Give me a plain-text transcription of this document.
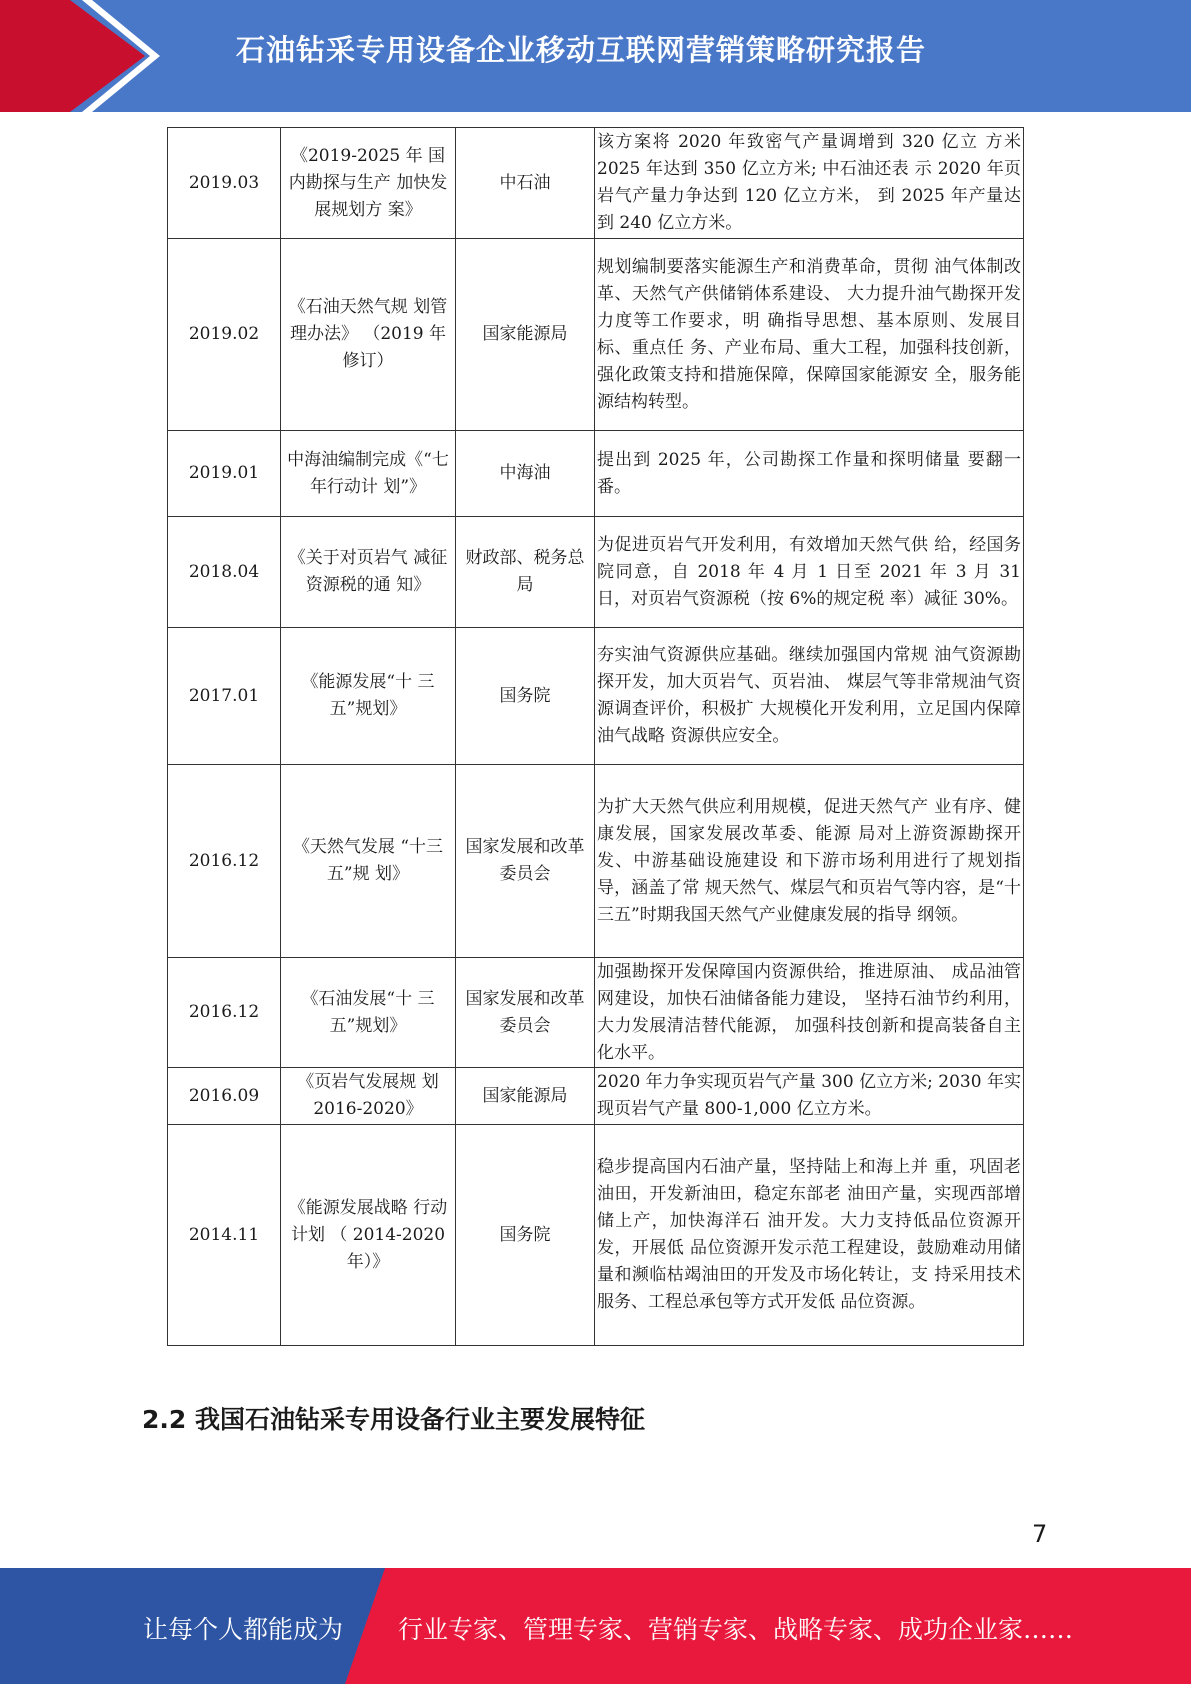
石油钻采专用设备企业移动互联网营销策略研究报告
2019.03	《2019-2025 年 国内勘探与生产 加快发展规划方 案》	中石油	该方案将 2020 年致密气产量调增到 320 亿立 方米 2025 年达到 350 亿立方米; 中石油还表 示 2020 年页岩气产量力争达到 120 亿立方米， 到 2025 年产量达到 240 亿立方米。
2019.02	《石油天然气规 划管理办法》 （2019 年修订）	国家能源局	规划编制要落实能源生产和消费革命，贯彻 油气体制改革、天然气产供储销体系建设、 大力提升油气勘探开发力度等工作要求，明 确指导思想、基本原则、发展目标、重点任 务、产业布局、重大工程，加强科技创新， 强化政策支持和措施保障，保障国家能源安 全，服务能源结构转型。
2019.01	中海油编制完成《“七年行动计 划”》	中海油	提出到 2025 年，公司勘探工作量和探明储量 要翻一番。
2018.04	《关于对页岩气 减征资源税的通 知》	财政部、税务总局	为促进页岩气开发利用，有效增加天然气供 给，经国务院同意，自 2018 年 4 月 1 日至 2021 年 3 月 31 日，对页岩气资源税（按 6%的规定税 率）减征 30%。
2017.01	《能源发展“十 三五”规划》	国务院	夯实油气资源供应基础。继续加强国内常规 油气资源勘探开发，加大页岩气、页岩油、 煤层气等非常规油气资源调查评价，积极扩 大规模化开发利用，立足国内保障油气战略 资源供应安全。
2016.12	《天然气发展 “十三五”规 划》	国家发展和改革委员会	为扩大天然气供应利用规模，促进天然气产 业有序、健康发展，国家发展改革委、能源 局对上游资源勘探开发、中游基础设施建设 和下游市场利用进行了规划指导，涵盖了常 规天然气、煤层气和页岩气等内容，是“十 三五”时期我国天然气产业健康发展的指导 纲领。
2016.12	《石油发展“十 三五”规划》	国家发展和改革委员会	加强勘探开发保障国内资源供给，推进原油、 成品油管网建设，加快石油储备能力建设， 坚持石油节约利用，大力发展清洁替代能源， 加强科技创新和提高装备自主化水平。
2016.09	《页岩气发展规 划 2016-2020》	国家能源局	2020 年力争实现页岩气产量 300 亿立方米; 2030 年实现页岩气产量 800-1,000 亿立方米。
2014.11	《能源发展战略 行动计划 （ 2014-2020 年）》	国务院	稳步提高国内石油产量，坚持陆上和海上并 重，巩固老油田，开发新油田，稳定东部老 油田产量，实现西部增储上产，加快海洋石 油开发。大力支持低品位资源开发，开展低 品位资源开发示范工程建设，鼓励难动用储 量和濒临枯竭油田的开发及市场化转让，支 持采用技术服务、工程总承包等方式开发低 品位资源。
2.2 我国石油钻采专用设备行业主要发展特征
7
让每个人都能成为 行业专家、管理专家、营销专家、战略专家、成功企业家……
